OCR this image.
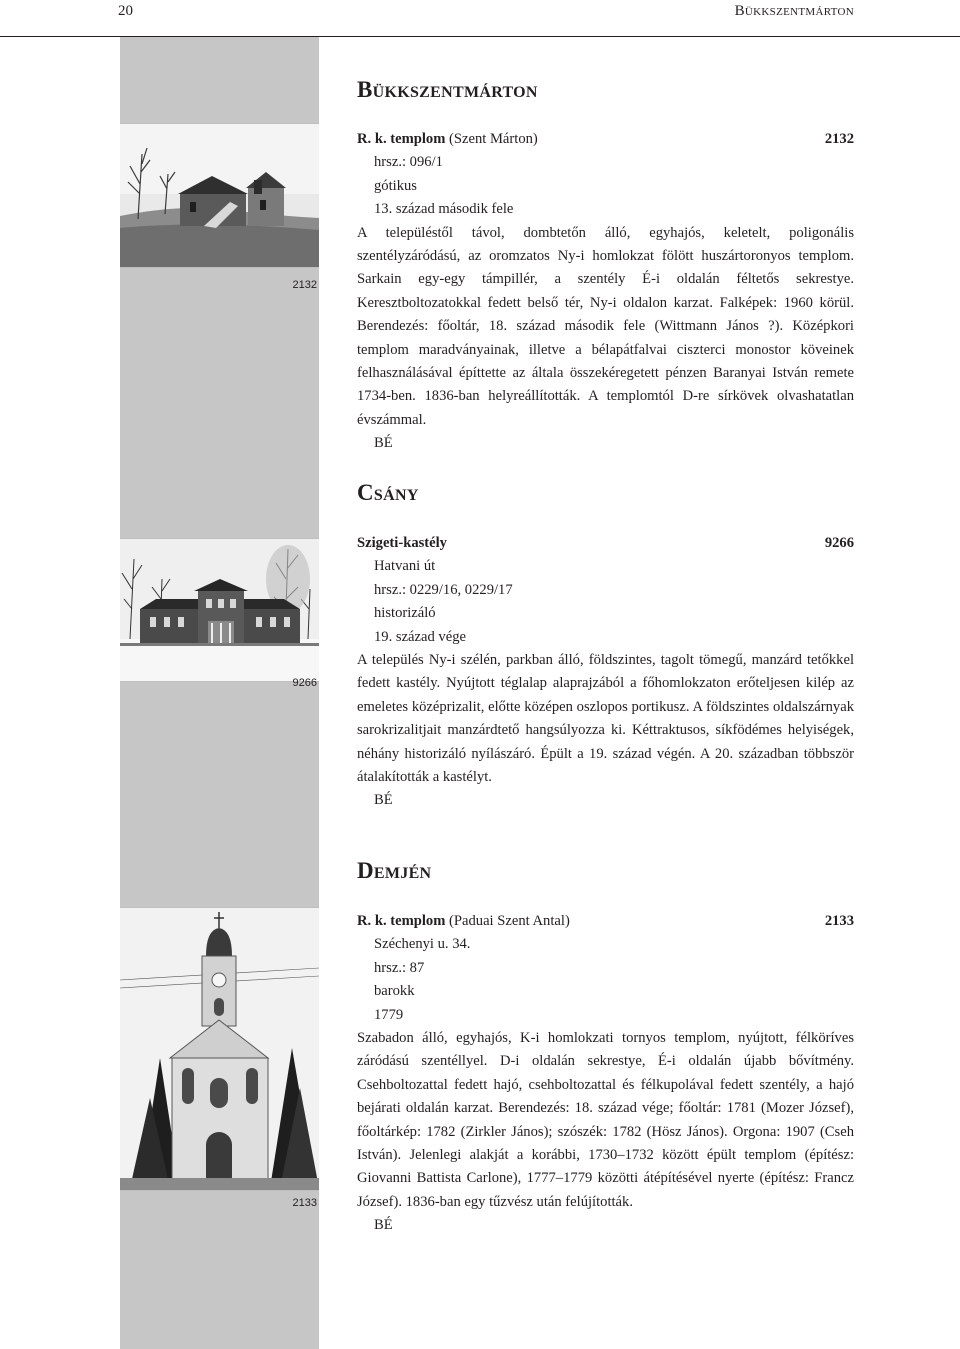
20	Bükkszentmárton
2132
9266
2133
Bükkszentmárton
R. k. templom (Szent Márton)	2132
hrsz.: 096/1
gótikus
13. század második fele
A településtől távol, dombtetőn álló, egyhajós, keletelt, poligonális szentélyzáródású, az oromzatos Ny-i homlokzat fölött huszártoronyos templom. Sarkain egy-egy támpillér, a szentély É-i oldalán féltetős sekrestye. Keresztboltozatokkal fedett belső tér, Ny-i oldalon karzat. Falképek: 1960 körül. Berendezés: főoltár, 18. század második fele (Wittmann János ?). Középkori templom maradványainak, illetve a bélapátfalvai ciszterci monostor köveinek felhasználásával építtette az általa összekéregetett pénzen Baranyai István remete 1734-ben. 1836-ban helyreállították. A templomtól D-re sírkövek olvashatatlan évszámmal.
BÉ
Csány
Szigeti-kastély	9266
Hatvani út
hrsz.: 0229/16, 0229/17
historizáló
19. század vége
A település Ny-i szélén, parkban álló, földszintes, tagolt tömegű, manzárd tetőkkel fedett kastély. Nyújtott téglalap alaprajzából a főhomlokzaton erőteljesen kilép az emeletes középrizalit, előtte középen oszlopos portikusz. A földszintes oldalszárnyak sarokrizalitjait manzárdtető hangsúlyozza ki. Kéttraktusos, síkfödémes helyiségek, néhány historizáló nyílászáró. Épült a 19. század végén. A 20. században többször átalakították a kastélyt.
BÉ
Demjén
R. k. templom (Paduai Szent Antal)	2133
Széchenyi u. 34.
hrsz.: 87
barokk
1779
Szabadon álló, egyhajós, K-i homlokzati tornyos templom, nyújtott, félköríves záródású szentéllyel. D-i oldalán sekrestye, É-i oldalán újabb bővítmény. Csehboltozattal fedett hajó, csehboltozattal és félkupolával fedett szentély, a hajó bejárati oldalán karzat. Berendezés: 18. század vége; főoltár: 1781 (Mozer József), főoltárkép: 1782 (Zirkler János); szószék: 1782 (Hösz János). Orgona: 1907 (Cseh István). Jelenlegi alakját a korábbi, 1730–1732 között épült templom (építész: Giovanni Battista Carlone), 1777–1779 közötti átépítésével nyerte (építész: Francz József). 1836-ban egy tűzvész után felújították.
BÉ
